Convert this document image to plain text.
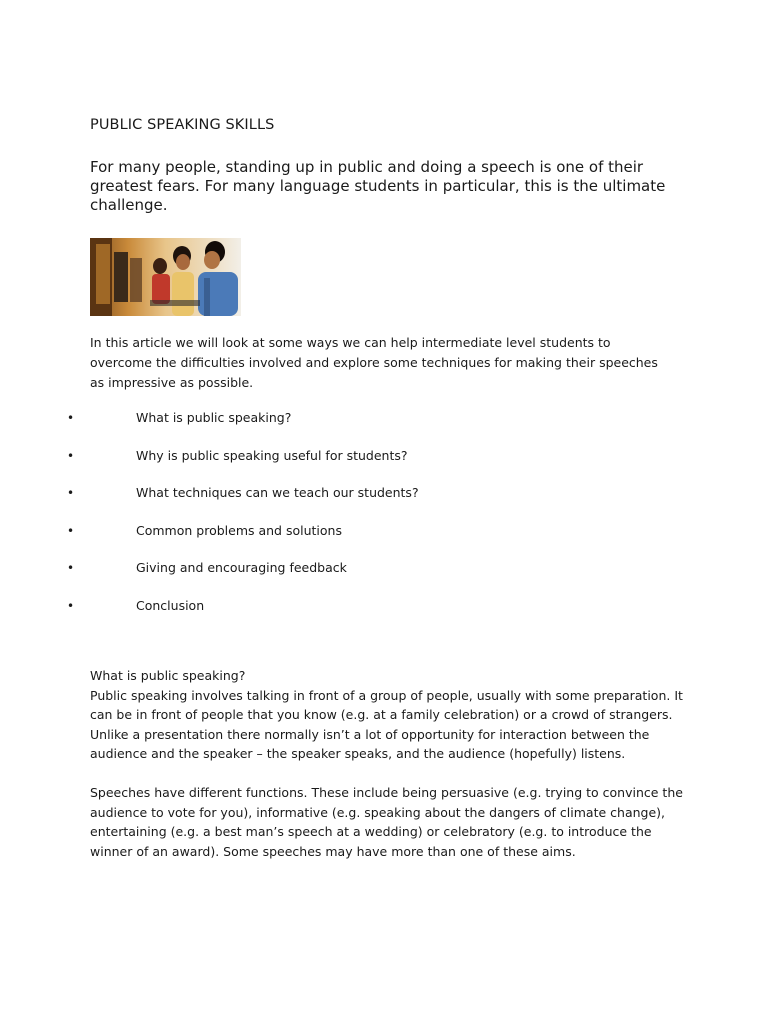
PUBLIC SPEAKING SKILLS
For many people, standing up in public and doing a speech is one of their greatest fears. For many language students in particular, this is the ultimate challenge.
In this article we will look at some ways we can help intermediate level students to overcome the difficulties involved and explore some techniques for making their speeches as impressive as possible.
•	What is public speaking?
•	Why is public speaking useful for students?
•	What techniques can we teach our students?
•	Common problems and solutions
•	Giving and encouraging feedback
•	Conclusion

What is public speaking?

Public speaking involves talking in front of a group of people, usually with some preparation. It can be in front of people that you know (e.g. at a family celebration) or a crowd of strangers. Unlike a presentation there normally isn’t a lot of opportunity for interaction between the audience and the speaker – the speaker speaks, and the audience (hopefully) listens.

Speeches have different functions. These include being persuasive (e.g. trying to convince the audience to vote for you), informative (e.g. speaking about the dangers of climate change), entertaining (e.g. a best man’s speech at a wedding) or celebratory (e.g. to introduce the winner of an award). Some speeches may have more than one of these aims.
